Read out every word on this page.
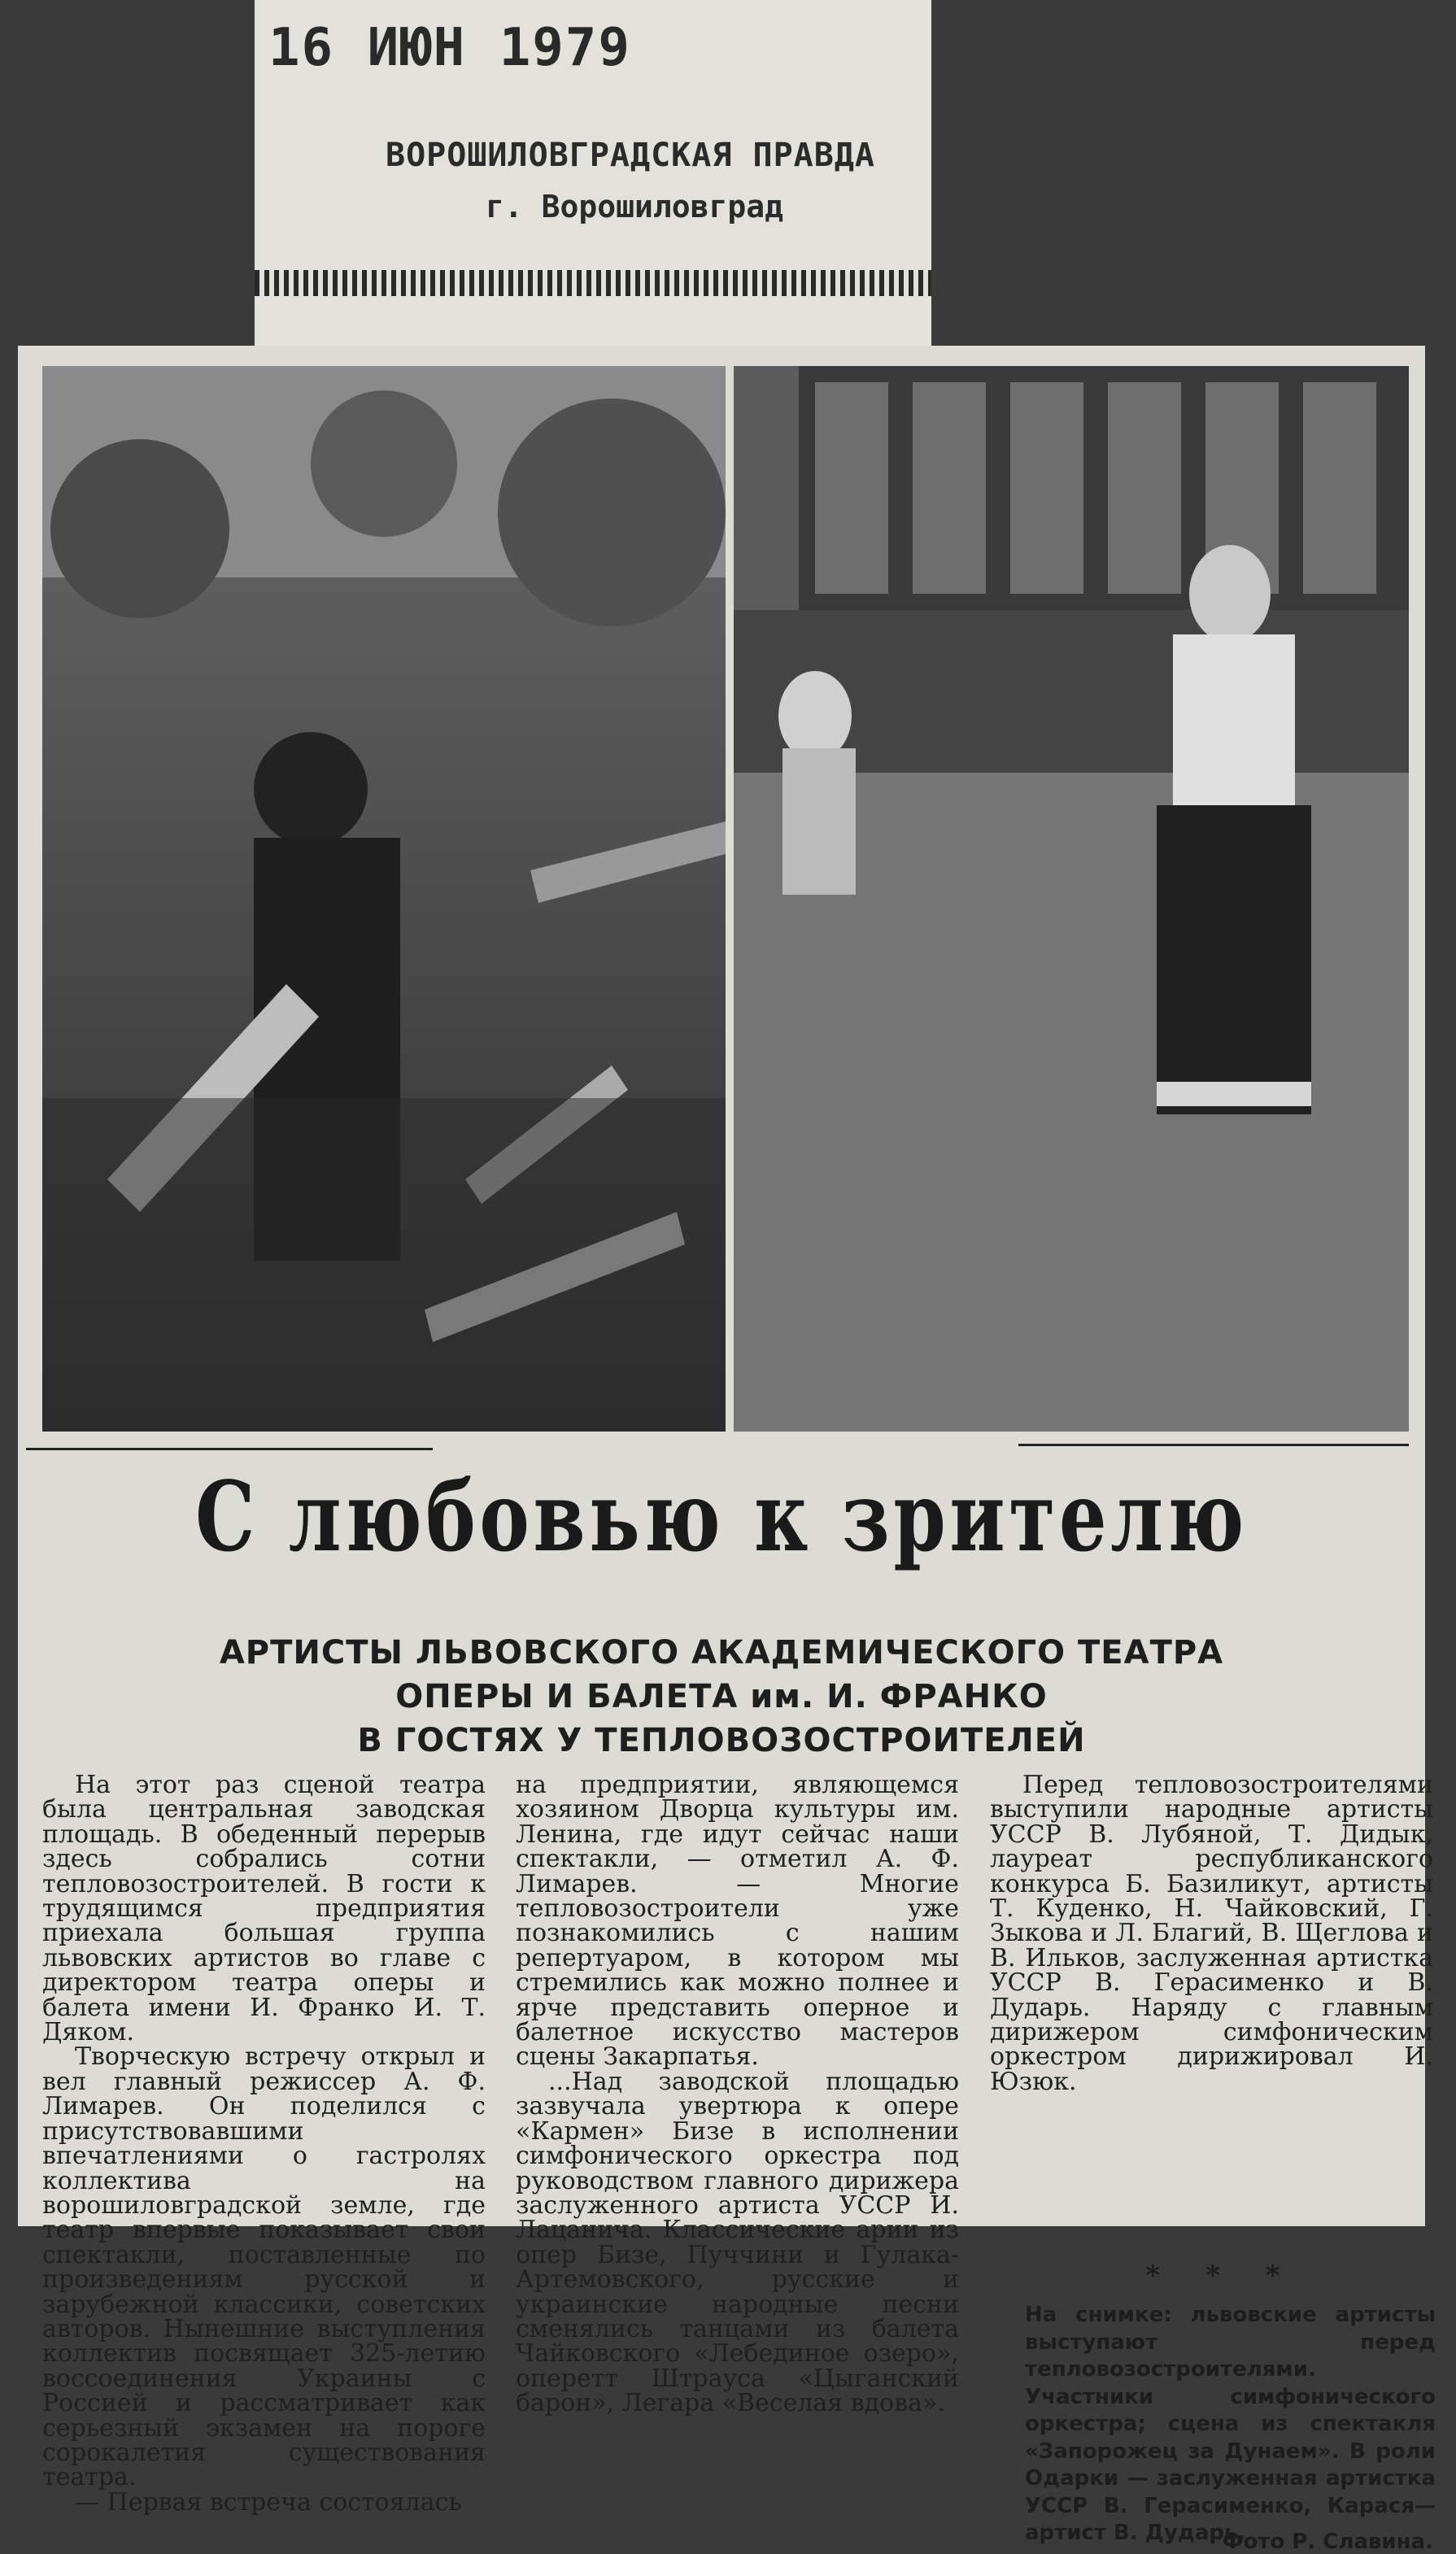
16 ИЮН 1979
ВОРОШИЛОВГРАДСКАЯ ПРАВДА
г. Ворошиловград
С любовью к зрителю
АРТИСТЫ ЛЬВОВСКОГО АКАДЕМИЧЕСКОГО ТЕАТРА
ОПЕРЫ И БАЛЕТА им. И. ФРАНКО
В ГОСТЯХ У ТЕПЛОВОЗОСТРОИТЕЛЕЙ

На этот раз сценой театра была центральная заводская площадь. В обеденный перерыв здесь собрались сотни тепловозостроителей. В гости к трудящимся предприятия приехала большая группа львовских артистов во главе с директором театра оперы и балета имени И. Франко И. Т. Дяком.

Творческую встречу открыл и вел главный режиссер А. Ф. Лимарев. Он поделился с присутствовавшими впечатлениями о гастролях коллектива на ворошиловградской земле, где театр впервые показывает свои спектакли, поставленные по произведениям русской и зарубежной классики, советских авторов. Нынешние выступления коллектив посвящает 325-летию воссоединения Украины с Россией и рассматривает как серьезный экзамен на пороге сорокалетия существования театра.

— Первая встреча состоялась

на предприятии, являющемся хозяином Дворца культуры им. Ленина, где идут сейчас наши спектакли, — отметил А. Ф. Лимарев. — Многие тепловозостроители уже познакомились с нашим репертуаром, в котором мы стремились как можно полнее и ярче представить оперное и балетное искусство мастеров сцены Закарпатья.

...Над заводской площадью зазвучала увертюра к опере «Кармен» Бизе в исполнении симфонического оркестра под руководством главного дирижера заслуженного артиста УССР И. Лацанича. Классические арии из опер Бизе, Пуччини и Гулака-Артемовского, русские и украинские народные песни сменялись танцами из балета Чайковского «Лебединое озеро», оперетт Штрауса «Цыганский барон», Легара «Веселая вдова».

Перед тепловозостроителями выступили народные артисты УССР В. Лубяной, Т. Дидык, лауреат республиканского конкурса Б. Базиликут, артисты Т. Куденко, Н. Чайковский, Г. Зыкова и Л. Благий, В. Щеглова и В. Ильков, заслуженная артистка УССР В. Герасименко и В. Дударь. Наряду с главным дирижером симфоническим оркестром дирижировал И. Юзюк.

* * *
На снимке: львовские артисты выступают перед тепловозостроителями. Участники симфонического оркестра; сцена из спектакля «Запорожец за Дунаем». В роли Одарки — заслуженная артистка УССР В. Герасименко, Карася— артист В. Дударь.
Фото Р. Славина.
